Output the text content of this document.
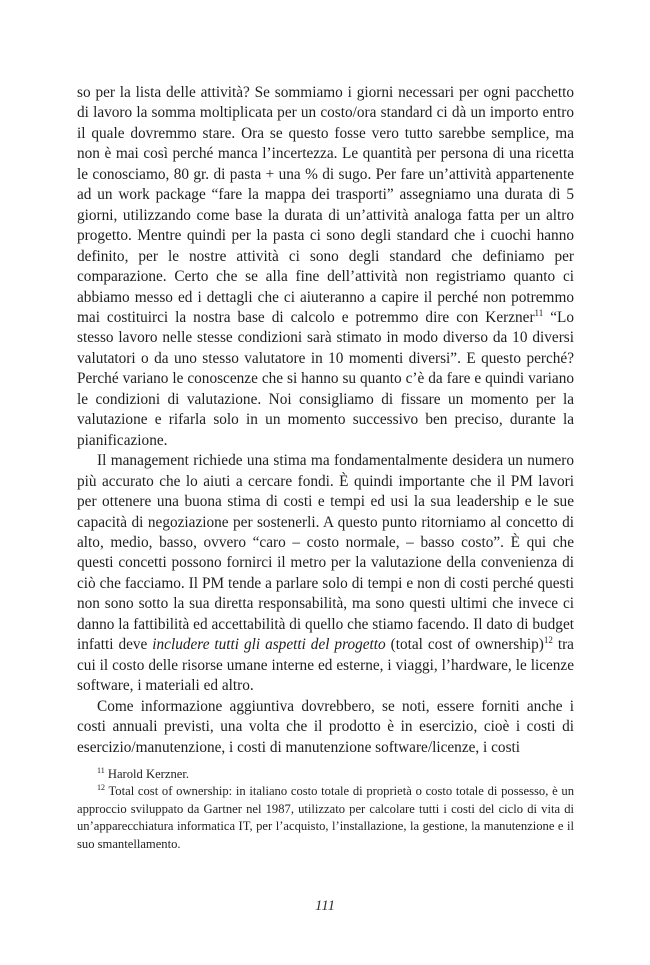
so per la lista delle attività? Se sommiamo i giorni necessari per ogni pacchetto di lavoro la somma moltiplicata per un costo/ora standard ci dà un importo entro il quale dovremmo stare. Ora se questo fosse vero tutto sarebbe semplice, ma non è mai così perché manca l’incertezza. Le quantità per persona di una ricetta le conosciamo, 80 gr. di pasta + una % di sugo. Per fare un’attività appartenente ad un work package “fare la mappa dei trasporti” assegniamo una durata di 5 giorni, utilizzando come base la durata di un’attività analoga fatta per un altro progetto. Mentre quindi per la pasta ci sono degli standard che i cuochi hanno definito, per le nostre attività ci sono degli standard che definiamo per comparazione. Certo che se alla fine dell’attività non registriamo quanto ci abbiamo messo ed i dettagli che ci aiuteranno a capire il perché non potremmo mai costituirci la nostra base di calcolo e potremmo dire con Kerzner$^{11}$ “Lo stesso lavoro nelle stesse condizioni sarà stimato in modo diverso da 10 diversi valutatori o da uno stesso valutatore in 10 momenti diversi”. E questo perché? Perché variano le conoscenze che si hanno su quanto c’è da fare e quindi variano le condizioni di valutazione. Noi consigliamo di fissare un momento per la valutazione e rifarla solo in un momento successivo ben preciso, durante la pianificazione.

Il management richiede una stima ma fondamentalmente desidera un numero più accurato che lo aiuti a cercare fondi. È quindi importante che il PM lavori per ottenere una buona stima di costi e tempi ed usi la sua leadership e le sue capacità di negoziazione per sostenerli. A questo punto ritorniamo al concetto di alto, medio, basso, ovvero “caro – costo normale, – basso costo”. È qui che questi concetti possono fornirci il metro per la valutazione della convenienza di ciò che facciamo. Il PM tende a parlare solo di tempi e non di costi perché questi non sono sotto la sua diretta responsabilità, ma sono questi ultimi che invece ci danno la fattibilità ed accettabilità di quello che stiamo facendo. Il dato di budget infatti deve includere tutti gli aspetti del progetto (total cost of ownership)$^{12}$ tra cui il costo delle risorse umane interne ed esterne, i viaggi, l’hardware, le licenze software, i materiali ed altro.

Come informazione aggiuntiva dovrebbero, se noti, essere forniti anche i costi annuali previsti, una volta che il prodotto è in esercizio, cioè i costi di esercizio/manutenzione, i costi di manutenzione software/licenze, i costi

$^{11}$ Harold Kerzner.

$^{12}$ Total cost of ownership: in italiano costo totale di proprietà o costo totale di possesso, è un approccio sviluppato da Gartner nel 1987, utilizzato per calcolare tutti i costi del ciclo di vita di un’apparecchiatura informatica IT, per l’acquisto, l’installazione, la gestione, la manutenzione e il suo smantellamento.

111
